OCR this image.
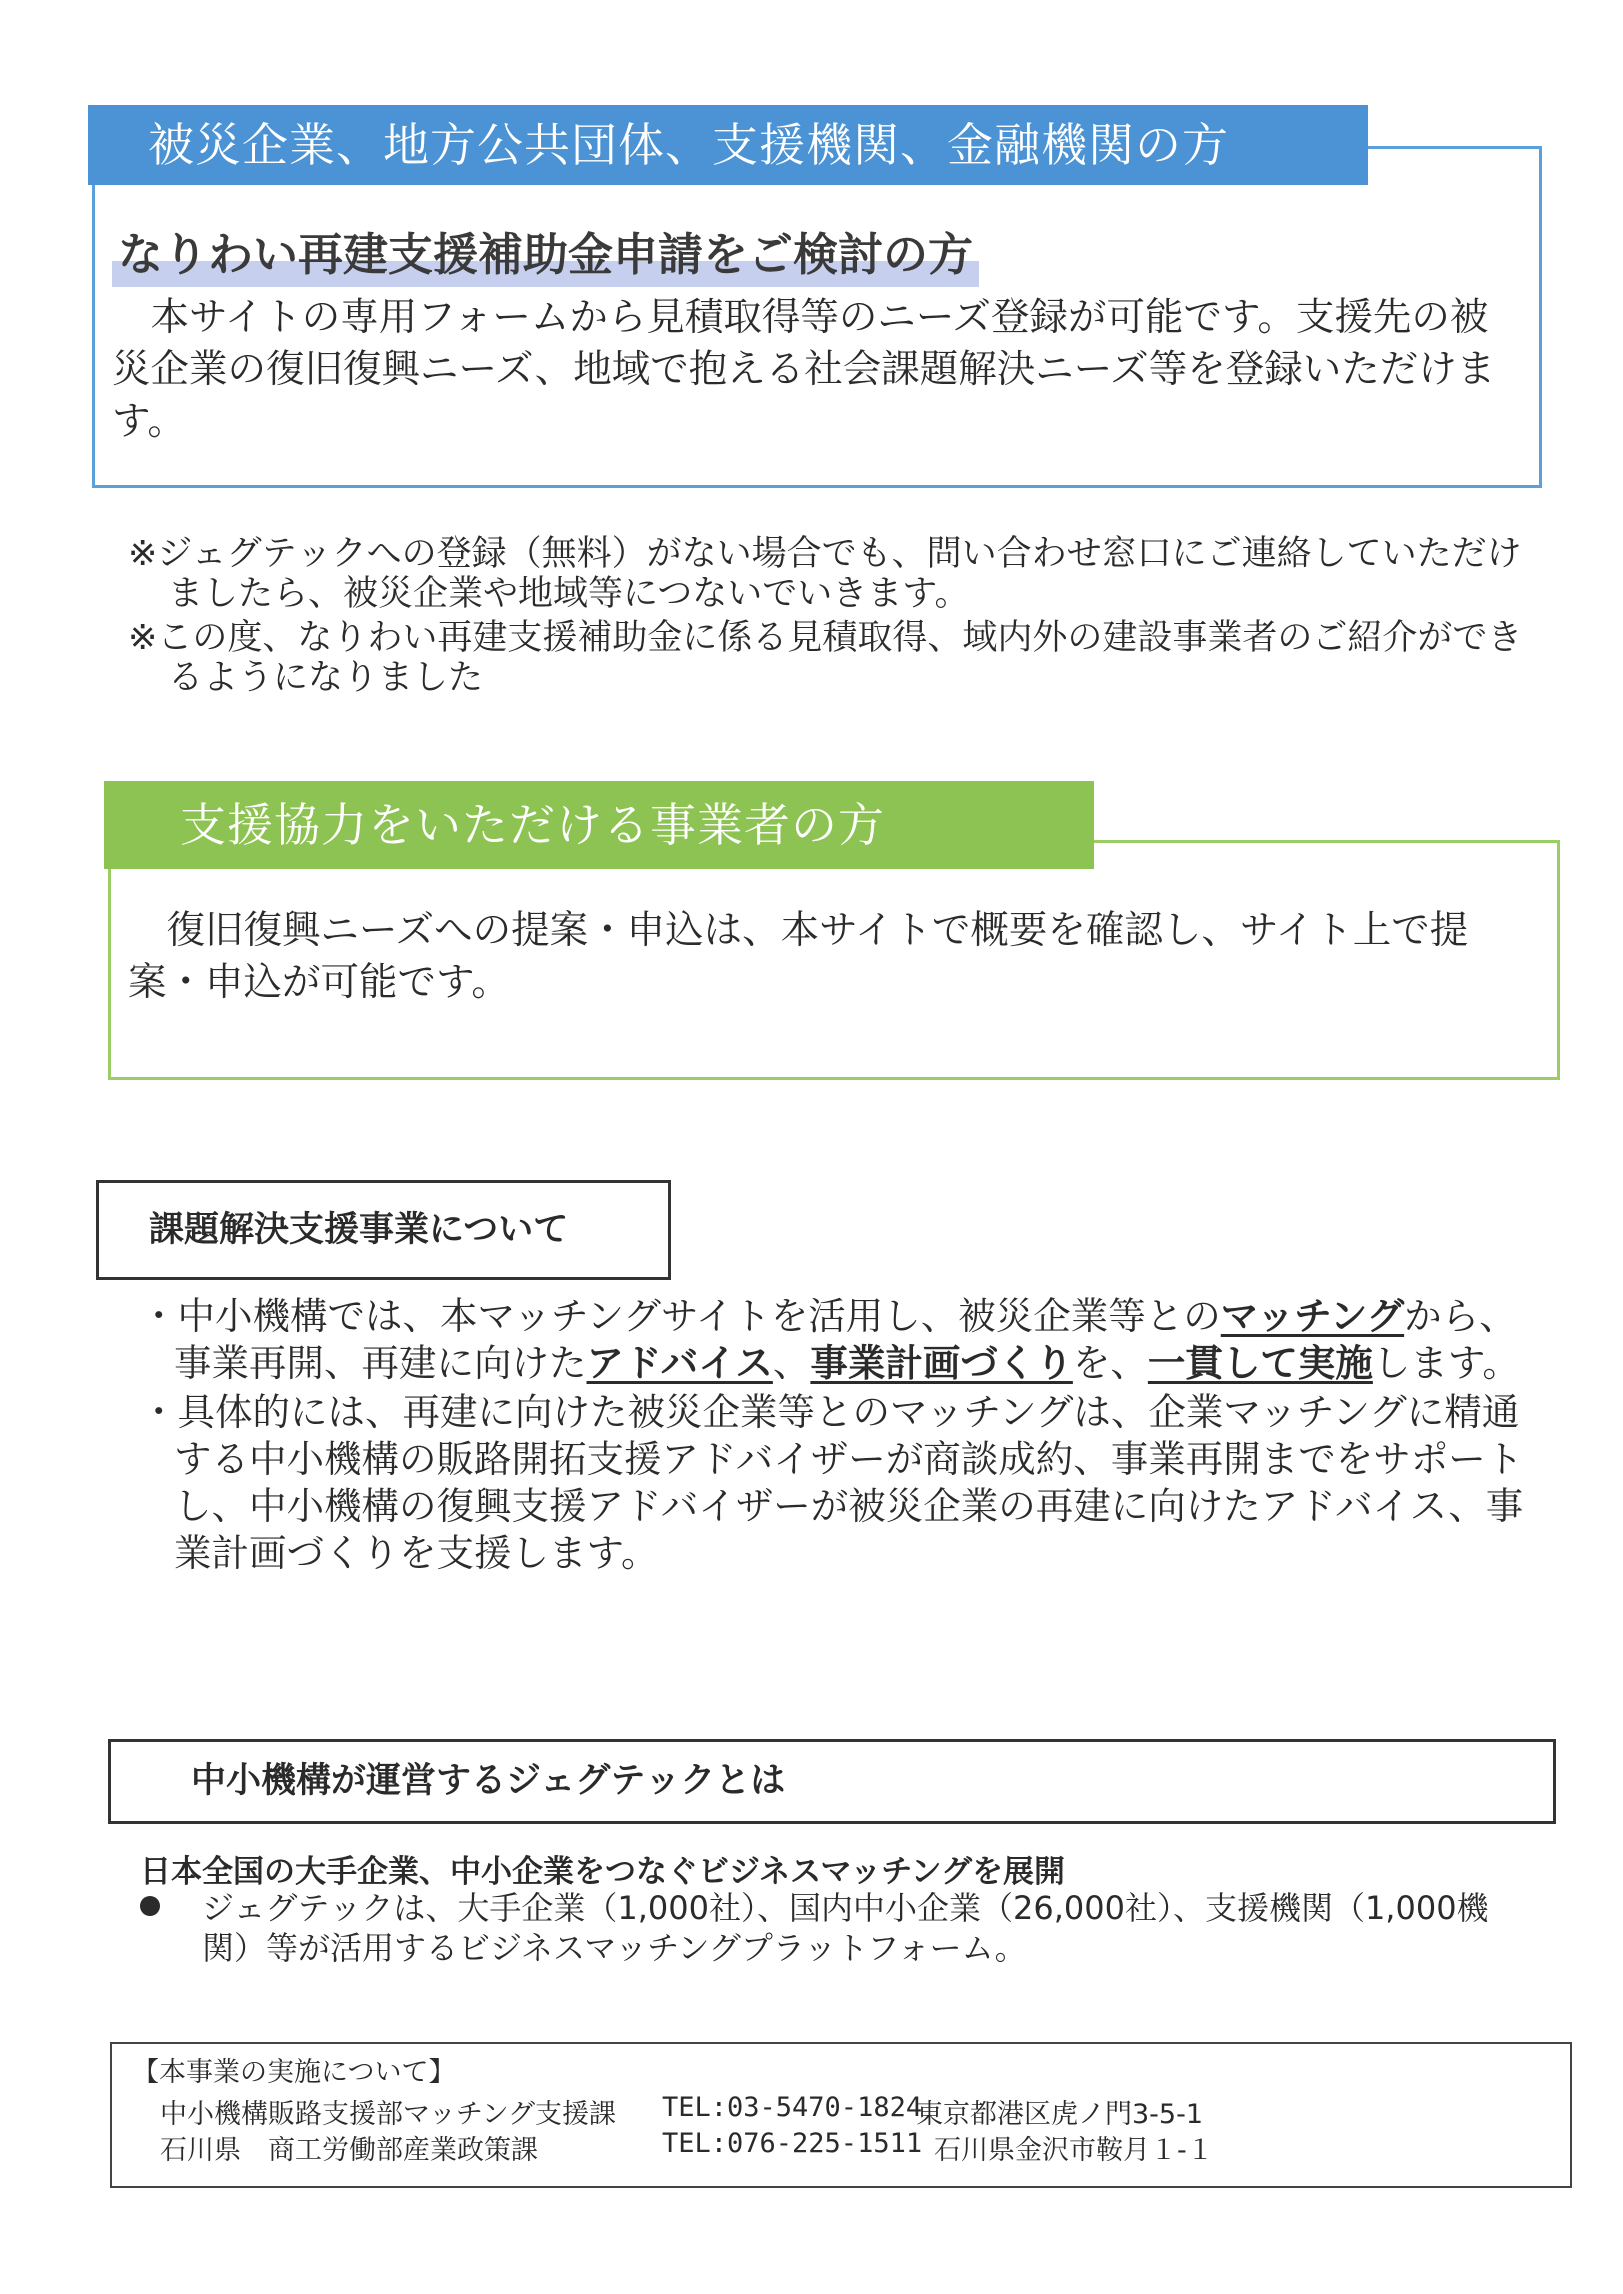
被災企業、地方公共団体、支援機関、金融機関の方
なりわい再建支援補助金申請をご検討の方
　本サイトの専用フォームから見積取得等のニーズ登録が可能です。支援先の被災企業の復旧復興ニーズ、地域で抱える社会課題解決ニーズ等を登録いただけます。
※ジェグテックへの登録（無料）がない場合でも、問い合わせ窓口にご連絡していただけましたら、被災企業や地域等につないでいきます。
※この度、なりわい再建支援補助金に係る見積取得、域内外の建設事業者のご紹介ができるようになりました
支援協力をいただける事業者の方
　復旧復興ニーズへの提案・申込は、本サイトで概要を確認し、サイト上で提案・申込が可能です。
課題解決支援事業について
・中小機構では、本マッチングサイトを活用し、被災企業等とのマッチングから、事業再開、再建に向けたアドバイス、事業計画づくりを、一貫して実施します。
・具体的には、再建に向けた被災企業等とのマッチングは、企業マッチングに精通する中小機構の販路開拓支援アドバイザーが商談成約、事業再開までをサポートし、中小機構の復興支援アドバイザーが被災企業の再建に向けたアドバイス、事業計画づくりを支援します。
中小機構が運営するジェグテックとは
日本全国の大手企業、中小企業をつなぐビジネスマッチングを展開
ジェグテックは、大手企業（1,000社）、国内中小企業（26,000社）、支援機関（1,000機関）等が活用するビジネスマッチングプラットフォーム。
【本事業の実施について】
中小機構販路支援部マッチング支援課 TEL:03-5470-1824
東京都港区虎ノ門3-5-1
石川県　商工労働部産業政策課	TEL:076-225-1511 石川県金沢市鞍月１-１
